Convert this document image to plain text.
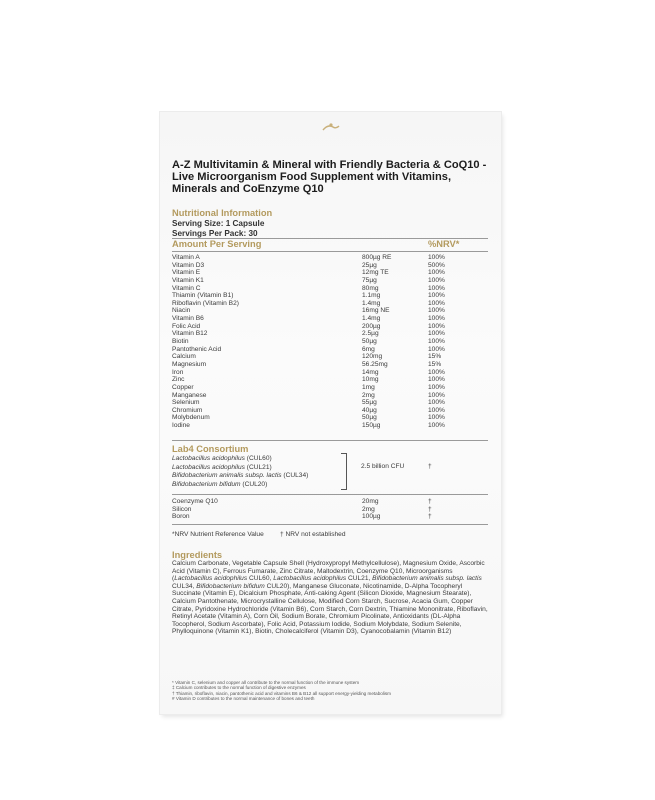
A-Z Multivitamin & Mineral with Friendly Bacteria & CoQ10 - Live Microorganism Food Supplement with Vitamins, Minerals and CoEnzyme Q10
Nutritional Information
Serving Size: 1 Capsule
Servings Per Pack: 30
Amount Per Serving	%NRV*
Vitamin A	800µg RE	100%
Vitamin D3	25µg	500%
Vitamin E	12mg TE	100%
Vitamin K1	75µg	100%
Vitamin C	80mg	100%
Thiamin (Vitamin B1)	1.1mg	100%
Riboflavin (Vitamin B2)	1.4mg	100%
Niacin	16mg NE	100%
Vitamin B6	1.4mg	100%
Folic Acid	200µg	100%
Vitamin B12	2.5µg	100%
Biotin	50µg	100%
Pantothenic Acid	6mg	100%
Calcium	120mg	15%
Magnesium	56.25mg	15%
Iron	14mg	100%
Zinc	10mg	100%
Copper	1mg	100%
Manganese	2mg	100%
Selenium	55µg	100%
Chromium	40µg	100%
Molybdenum	50µg	100%
Iodine	150µg	100%
Lab4 Consortium
Lactobacillus acidophilus (CUL60)
Lactobacillus acidophilus (CUL21)
Bifidobacterium animalis subsp. lactis (CUL34)
Bifidobacterium bifidum (CUL20)
2.5 billion CFU	†
Coenzyme Q10	20mg	†
Silicon	2mg	†
Boron	100µg	†
*NRV Nutrient Reference Value † NRV not established
Ingredients
Calcium Carbonate, Vegetable Capsule Shell (Hydroxypropyl Methylcellulose), Magnesium Oxide, Ascorbic Acid (Vitamin C), Ferrous Fumarate, Zinc Citrate, Maltodextrin, Coenzyme Q10, Microorganisms (Lactobacillus acidophilus CUL60, Lactobacillus acidophilus CUL21, Bifidobacterium animalis subsp. lactis CUL34, Bifidobacterium bifidum CUL20), Manganese Gluconate, Nicotinamide, D-Alpha Tocopheryl Succinate (Vitamin E), Dicalcium Phosphate, Anti-caking Agent (Silicon Dioxide, Magnesium Stearate), Calcium Pantothenate, Microcrystalline Cellulose, Modified Corn Starch, Sucrose, Acacia Gum, Copper Citrate, Pyridoxine Hydrochloride (Vitamin B6), Corn Starch, Corn Dextrin, Thiamine Mononitrate, Riboflavin, Retinyl Acetate (Vitamin A), Corn Oil, Sodium Borate, Chromium Picolinate, Antioxidants (DL-Alpha Tocopherol, Sodium Ascorbate), Folic Acid, Potassium Iodide, Sodium Molybdate, Sodium Selenite, Phylloquinone (Vitamin K1), Biotin, Cholecalciferol (Vitamin D3), Cyanocobalamin (Vitamin B12)
* Vitamin C, selenium and copper all contribute to the normal function of the immune system
‡ Calcium contributes to the normal function of digestive enzymes
† Thiamin, riboflavin, niacin, pantothenic acid and vitamins B6 & B12 all support energy-yielding metabolism
# Vitamin D contributes to the normal maintenance of bones and teeth
